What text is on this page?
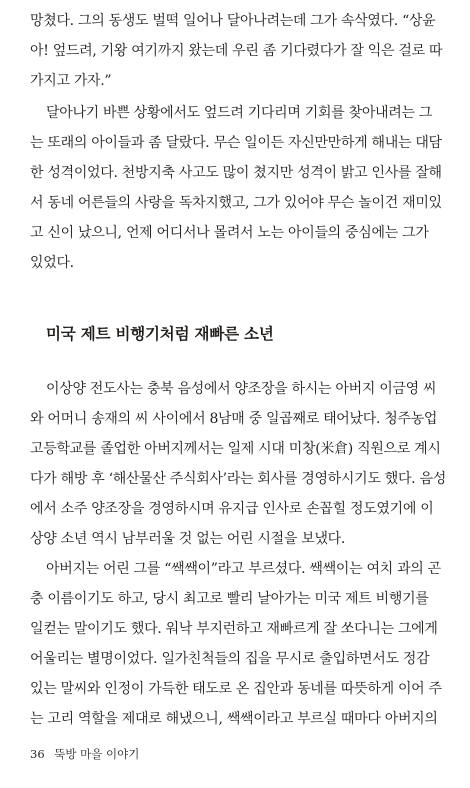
망쳤다. 그의 동생도 벌떡 일어나 달아나려는데 그가 속삭였다. “상윤
아! 엎드려, 기왕 여기까지 왔는데 우린 좀 기다렸다가 잘 익은 걸로 따
가지고 가자.”
달아나기 바쁜 상황에서도 엎드려 기다리며 기회를 찾아내려는 그
는 또래의 아이들과 좀 달랐다. 무슨 일이든 자신만만하게 해내는 대담
한 성격이었다. 천방지축 사고도 많이 쳤지만 성격이 밝고 인사를 잘해
서 동네 어른들의 사랑을 독차지했고, 그가 있어야 무슨 놀이건 재미있
고 신이 났으니, 언제 어디서나 몰려서 노는 아이들의 중심에는 그가
있었다.
미국 제트 비행기처럼 재빠른 소년
이상양 전도사는 충북 음성에서 양조장을 하시는 아버지 이금영 씨
와 어머니 송재의 씨 사이에서 8남매 중 일곱째로 태어났다. 청주농업
고등학교를 졸업한 아버지께서는 일제 시대 미창(米倉) 직원으로 계시
다가 해방 후 ‘해산물산 주식회사’라는 회사를 경영하시기도 했다. 음성
에서 소주 양조장을 경영하시며 유지급 인사로 손꼽힐 정도였기에 이
상양 소년 역시 남부러울 것 없는 어린 시절을 보냈다.
아버지는 어린 그를 “쌕쌕이”라고 부르셨다. 쌕쌕이는 여치 과의 곤
충 이름이기도 하고, 당시 최고로 빨리 날아가는 미국 제트 비행기를
일컫는 말이기도 했다. 워낙 부지런하고 재빠르게 잘 쏘다니는 그에게
어울리는 별명이었다. 일가친척들의 집을 무시로 출입하면서도 정감
있는 말씨와 인정이 가득한 태도로 온 집안과 동네를 따뜻하게 이어 주
는 고리 역할을 제대로 해냈으니, 쌕쌕이라고 부르실 때마다 아버지의
36 뚝방 마을 이야기
